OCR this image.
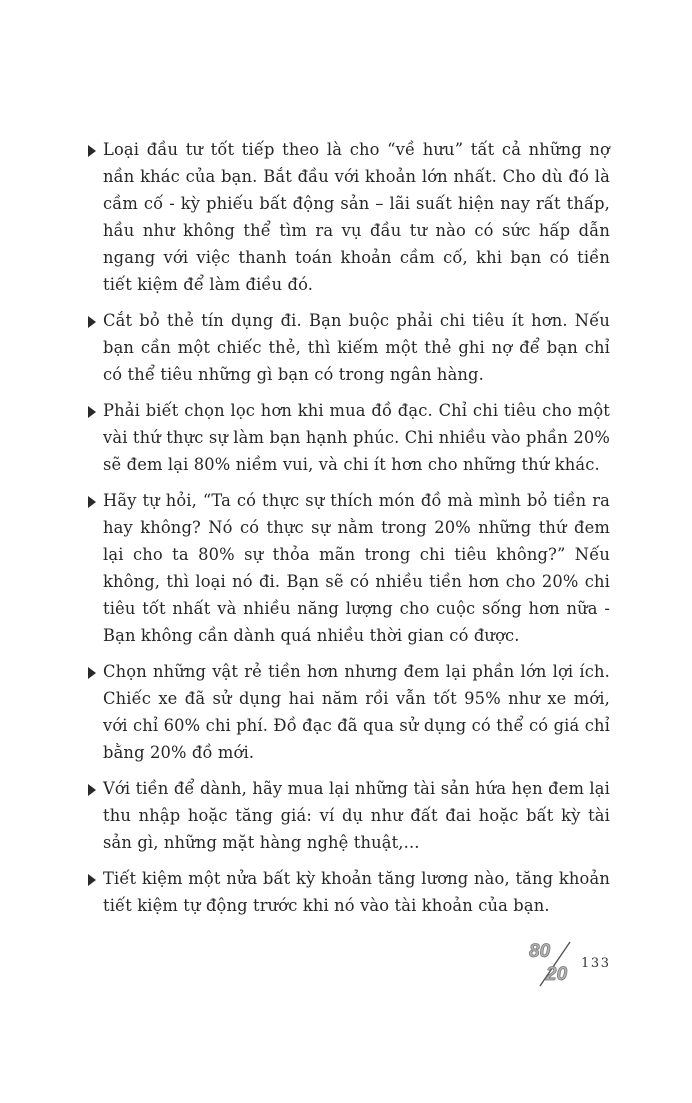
Loại đầu tư tốt tiếp theo là cho “về hưu” tất cả những nợ nần khác của bạn. Bắt đầu với khoản lớn nhất. Cho dù đó là cầm cố - kỳ phiếu bất động sản – lãi suất hiện nay rất thấp, hầu như không thể tìm ra vụ đầu tư nào có sức hấp dẫn ngang với việc thanh toán khoản cầm cố, khi bạn có tiền tiết kiệm để làm điều đó.
Cắt bỏ thẻ tín dụng đi. Bạn buộc phải chi tiêu ít hơn. Nếu bạn cần một chiếc thẻ, thì kiếm một thẻ ghi nợ để bạn chỉ có thể tiêu những gì bạn có trong ngân hàng.
Phải biết chọn lọc hơn khi mua đồ đạc. Chỉ chi tiêu cho một vài thứ thực sự làm bạn hạnh phúc. Chi nhiều vào phần 20% sẽ đem lại 80% niềm vui, và chi ít hơn cho những thứ khác.
Hãy tự hỏi, “Ta có thực sự thích món đồ mà mình bỏ tiền ra hay không? Nó có thực sự nằm trong 20% những thứ đem lại cho ta 80% sự thỏa mãn trong chi tiêu không?” Nếu không, thì loại nó đi. Bạn sẽ có nhiều tiền hơn cho 20% chi tiêu tốt nhất và nhiều năng lượng cho cuộc sống hơn nữa - Bạn không cần dành quá nhiều thời gian có được.
Chọn những vật rẻ tiền hơn nhưng đem lại phần lớn lợi ích. Chiếc xe đã sử dụng hai năm rồi vẫn tốt 95% như xe mới, với chỉ 60% chi phí. Đồ đạc đã qua sử dụng có thể có giá chỉ bằng 20% đồ mới.
Với tiền để dành, hãy mua lại những tài sản hứa hẹn đem lại thu nhập hoặc tăng giá: ví dụ như đất đai hoặc bất kỳ tài sản gì, những mặt hàng nghệ thuật,...
Tiết kiệm một nửa bất kỳ khoản tăng lương nào, tăng khoản tiết kiệm tự động trước khi nó vào tài khoản của bạn.
80
20
133
